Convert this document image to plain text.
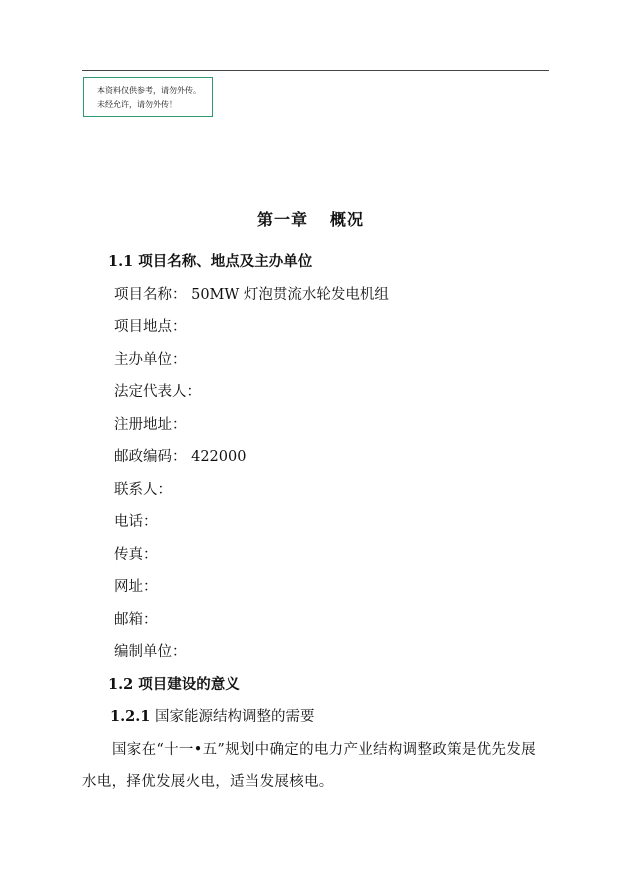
本资料仅供参考，请勿外传。
未经允许，请勿外传！
第一章 概况
1.1 项目名称、地点及主办单位
项目名称： 50MW 灯泡贯流水轮发电机组
项目地点：
主办单位：
法定代表人：
注册地址：
邮政编码： 422000
联系人：
电话：
传真：
网址：
邮箱：
编制单位：
1.2 项目建设的意义
1.2.1 国家能源结构调整的需要
国家在“十一•五”规划中确定的电力产业结构调整政策是优先发展水电，择优发展火电，适当发展核电。
